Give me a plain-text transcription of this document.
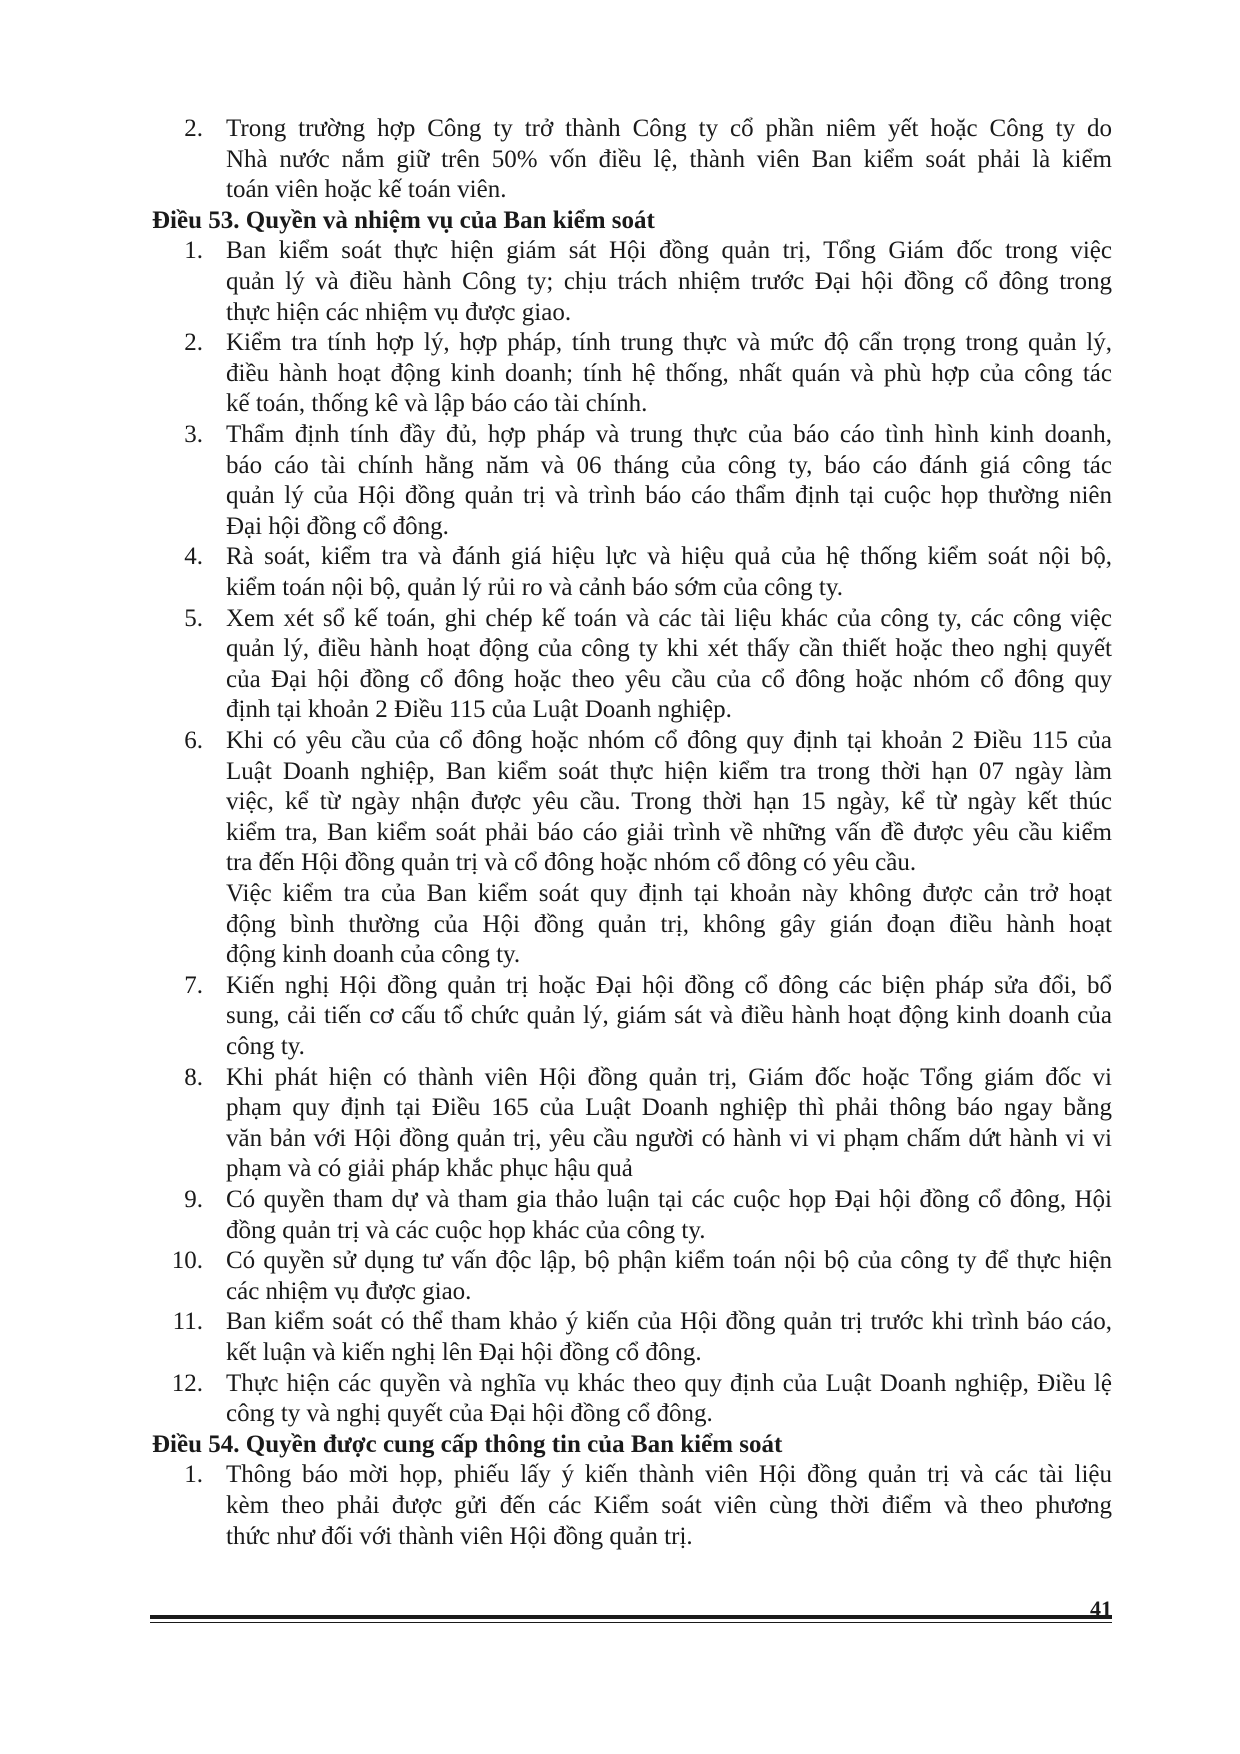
41
2. Trong trường hợp Công ty trở thành Công ty cổ phần niêm yết hoặc Công ty do
Nhà nước nắm giữ trên 50% vốn điều lệ, thành viên Ban kiểm soát phải là kiểm
toán viên hoặc kế toán viên.
Điều 53. Quyền và nhiệm vụ của Ban kiểm soát
1. Ban kiểm soát thực hiện giám sát Hội đồng quản trị, Tổng Giám đốc trong việc
quản lý và điều hành Công ty; chịu trách nhiệm trước Đại hội đồng cổ đông trong
thực hiện các nhiệm vụ được giao.
2. Kiểm tra tính hợp lý, hợp pháp, tính trung thực và mức độ cẩn trọng trong quản lý,
điều hành hoạt động kinh doanh; tính hệ thống, nhất quán và phù hợp của công tác
kế toán, thống kê và lập báo cáo tài chính.
3. Thẩm định tính đầy đủ, hợp pháp và trung thực của báo cáo tình hình kinh doanh,
báo cáo tài chính hằng năm và 06 tháng của công ty, báo cáo đánh giá công tác
quản lý của Hội đồng quản trị và trình báo cáo thẩm định tại cuộc họp thường niên
Đại hội đồng cổ đông.
4. Rà soát, kiểm tra và đánh giá hiệu lực và hiệu quả của hệ thống kiểm soát nội bộ,
kiểm toán nội bộ, quản lý rủi ro và cảnh báo sớm của công ty.
5. Xem xét sổ kế toán, ghi chép kế toán và các tài liệu khác của công ty, các công việc
quản lý, điều hành hoạt động của công ty khi xét thấy cần thiết hoặc theo nghị quyết
của Đại hội đồng cổ đông hoặc theo yêu cầu của cổ đông hoặc nhóm cổ đông quy
định tại khoản 2 Điều 115 của Luật Doanh nghiệp.
6. Khi có yêu cầu của cổ đông hoặc nhóm cổ đông quy định tại khoản 2 Điều 115 của
Luật Doanh nghiệp, Ban kiểm soát thực hiện kiểm tra trong thời hạn 07 ngày làm
việc, kể từ ngày nhận được yêu cầu. Trong thời hạn 15 ngày, kể từ ngày kết thúc
kiểm tra, Ban kiểm soát phải báo cáo giải trình về những vấn đề được yêu cầu kiểm
tra đến Hội đồng quản trị và cổ đông hoặc nhóm cổ đông có yêu cầu.
Việc kiểm tra của Ban kiểm soát quy định tại khoản này không được cản trở hoạt
động bình thường của Hội đồng quản trị, không gây gián đoạn điều hành hoạt
động kinh doanh của công ty.
7. Kiến nghị Hội đồng quản trị hoặc Đại hội đồng cổ đông các biện pháp sửa đổi, bổ
sung, cải tiến cơ cấu tổ chức quản lý, giám sát và điều hành hoạt động kinh doanh của
công ty.
8. Khi phát hiện có thành viên Hội đồng quản trị, Giám đốc hoặc Tổng giám đốc vi
phạm quy định tại Điều 165 của Luật Doanh nghiệp thì phải thông báo ngay bằng
văn bản với Hội đồng quản trị, yêu cầu người có hành vi vi phạm chấm dứt hành vi vi
phạm và có giải pháp khắc phục hậu quả
9. Có quyền tham dự và tham gia thảo luận tại các cuộc họp Đại hội đồng cổ đông, Hội
đồng quản trị và các cuộc họp khác của công ty.
10. Có quyền sử dụng tư vấn độc lập, bộ phận kiểm toán nội bộ của công ty để thực hiện
các nhiệm vụ được giao.
11. Ban kiểm soát có thể tham khảo ý kiến của Hội đồng quản trị trước khi trình báo cáo,
kết luận và kiến nghị lên Đại hội đồng cổ đông.
12. Thực hiện các quyền và nghĩa vụ khác theo quy định của Luật Doanh nghiệp, Điều lệ
công ty và nghị quyết của Đại hội đồng cổ đông.
Điều 54. Quyền được cung cấp thông tin của Ban kiểm soát
1. Thông báo mời họp, phiếu lấy ý kiến thành viên Hội đồng quản trị và các tài liệu
kèm theo phải được gửi đến các Kiểm soát viên cùng thời điểm và theo phương
thức như đối với thành viên Hội đồng quản trị.
